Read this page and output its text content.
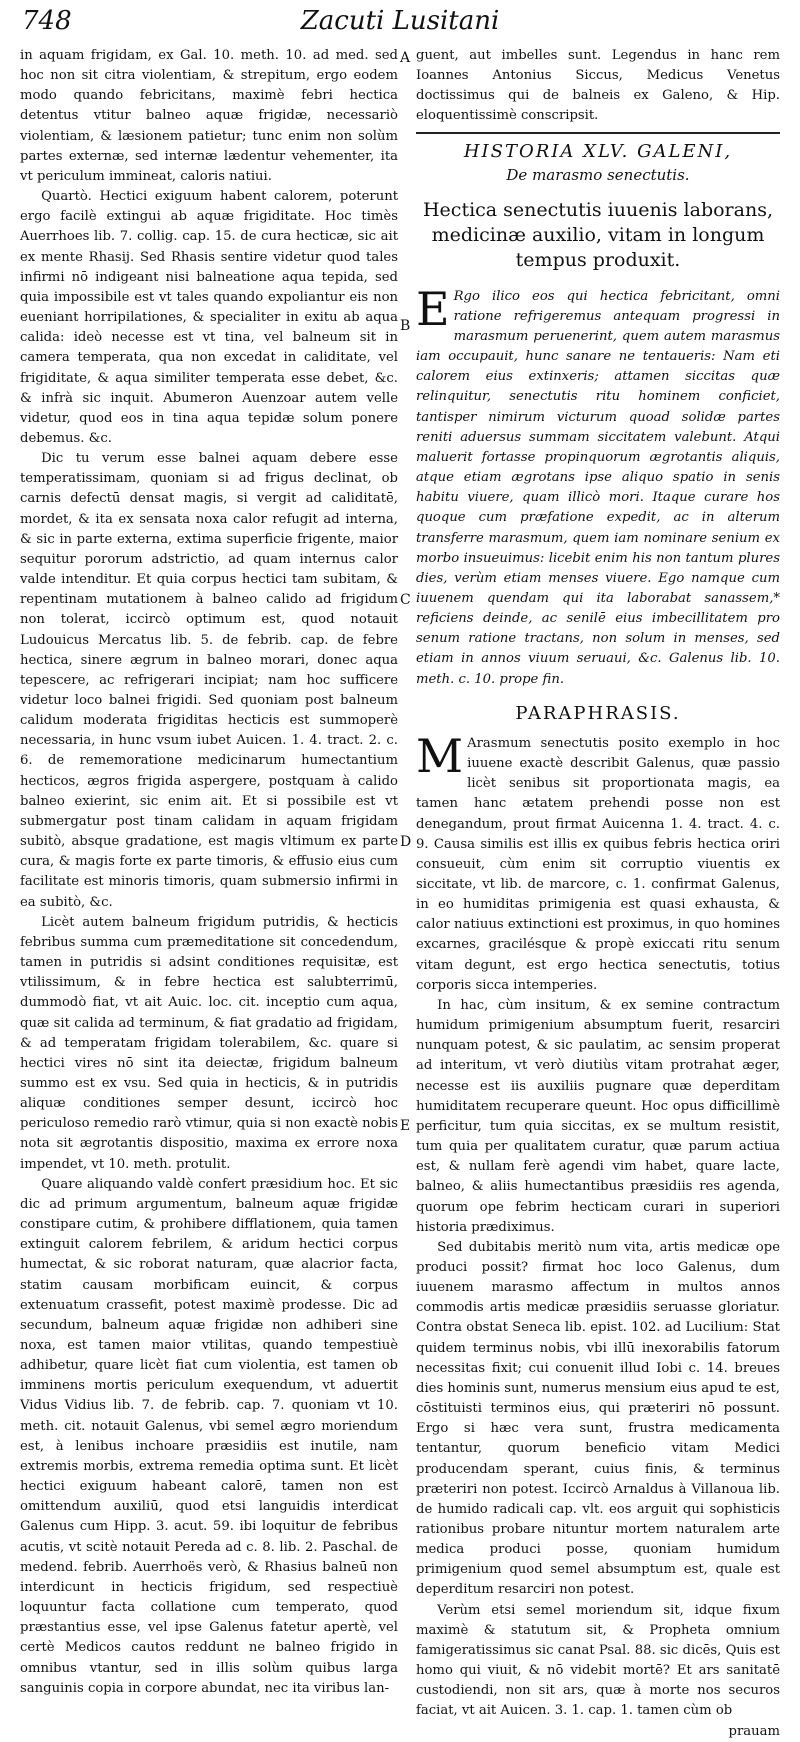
748	Zacuti Lusitani

in aquam frigidam, ex Gal. 10. meth. 10. ad med. sed hoc non sit citra violentiam, & strepitum, ergo eodem modo quando febricitans, maximè febri hectica detentus vtitur balneo aquæ frigidæ, necessariò violentiam, & læsionem patietur; tunc enim non solùm partes externæ, sed internæ lædentur vehementer, ita vt periculum immineat, caloris natiui.

Quartò. Hectici exiguum habent calorem, poterunt ergo facilè extingui ab aquæ frigiditate. Hoc timès Auerrhoes lib. 7. collig. cap. 15. de cura hecticæ, sic ait ex mente Rhasij. Sed Rhasis sentire videtur quod tales infirmi nō indigeant nisi balneatione aqua tepida, sed quia impossibile est vt tales quando expoliantur eis non eueniant horripilationes, & specialiter in exitu ab aqua calida: ideò necesse est vt tina, vel balneum sit in camera temperata, qua non excedat in caliditate, vel frigiditate, & aqua similiter temperata esse debet, &c. & infrà sic inquit. Abumeron Auenzoar autem velle videtur, quod eos in tina aqua tepidæ solum ponere debemus. &c.

Dic tu verum esse balnei aquam debere esse temperatissimam, quoniam si ad frigus declinat, ob carnis defectū densat magis, si vergit ad caliditatē, mordet, & ita ex sensata noxa calor refugit ad interna, & sic in parte externa, extima superficie frigente, maior sequitur pororum adstrictio, ad quam internus calor valde intenditur. Et quia corpus hectici tam subitam, & repentinam mutationem à balneo calido ad frigidum non tolerat, iccircò optimum est, quod notauit Ludouicus Mercatus lib. 5. de febrib. cap. de febre hectica, sinere ægrum in balneo morari, donec aqua tepescere, ac refrigerari incipiat; nam hoc sufficere videtur loco balnei frigidi. Sed quoniam post balneum calidum moderata frigiditas hecticis est summoperè necessaria, in hunc vsum iubet Auicen. 1. 4. tract. 2. c. 6. de rememoratione medicinarum humectantium hecticos, ægros frigida aspergere, postquam à calido balneo exierint, sic enim ait. Et si possibile est vt submergatur post tinam calidam in aquam frigidam subitò, absque gradatione, est magis vltimum ex parte cura, & magis forte ex parte timoris, & effusio eius cum facilitate est minoris timoris, quam submersio infirmi in ea subitò, &c.

Licèt autem balneum frigidum putridis, & hecticis febribus summa cum præmeditatione sit concedendum, tamen in putridis si adsint conditiones requisitæ, est vtilissimum, & in febre hectica est salubterrimū, dummodò fiat, vt ait Auic. loc. cit. inceptio cum aqua, quæ sit calida ad terminum, & fiat gradatio ad frigidam, & ad temperatam frigidam tolerabilem, &c. quare si hectici vires nō sint ita deiectæ, frigidum balneum summo est ex vsu. Sed quia in hecticis, & in putridis aliquæ conditiones semper desunt, iccircò hoc periculoso remedio rarò vtimur, quia si non exactè nobis nota sit ægrotantis dispositio, maxima ex errore noxa impendet, vt 10. meth. protulit.

Quare aliquando valdè confert præsidium hoc. Et sic dic ad primum argumentum, balneum aquæ frigidæ constipare cutim, & prohibere difflationem, quia tamen extinguit calorem febrilem, & aridum hectici corpus humectat, & sic roborat naturam, quæ alacrior facta, statim causam morbificam euincit, & corpus extenuatum crassefit, potest maximè prodesse. Dic ad secundum, balneum aquæ frigidæ non adhiberi sine noxa, est tamen maior vtilitas, quando tempestiuè adhibetur, quare licèt fiat cum violentia, est tamen ob imminens mortis periculum exequendum, vt aduertit Vidus Vidius lib. 7. de febrib. cap. 7. quoniam vt 10. meth. cit. notauit Galenus, vbi semel ægro moriendum est, à lenibus inchoare præsidiis est inutile, nam extremis morbis, extrema remedia optima sunt. Et licèt hectici exiguum habeant calorē, tamen non est omittendum auxiliū, quod etsi languidis interdicat Galenus cum Hipp. 3. acut. 59. ibi loquitur de febribus acutis, vt scitè notauit Pereda ad c. 8. lib. 2. Paschal. de medend. febrib. Auerrhoës verò, & Rhasius balneū non interdicunt in hecticis frigidum, sed respectiuè loquuntur facta collatione cum temperato, quod præstantius esse, vel ipse Galenus fatetur apertè, vel certè Medicos cautos reddunt ne balneo frigido in omnibus vtantur, sed in illis solùm quibus larga sanguinis copia in corpore abundat, nec ita viribus lan-

A
B
C
D
E

guent, aut imbelles sunt. Legendus in hanc rem Ioannes Antonius Siccus, Medicus Venetus doctissimus qui de balneis ex Galeno, & Hip. eloquentissimè conscripsit.

HISTORIA XLV. GALENI,
De marasmo senectutis.
Hectica senectutis iuuenis laborans, medicinæ auxilio, vitam in longum tempus produxit.

E Rgo ilico eos qui hectica febricitant, omni ratione refrigeremus antequam progressi in marasmum peruenerint, quem autem marasmus iam occupauit, hunc sanare ne tentaueris: Nam eti calorem eius extinxeris; attamen siccitas quæ relinquitur, senectutis ritu hominem conficiet, tantisper nimirum victurum quoad solidæ partes reniti aduersus summam siccitatem valebunt. Atqui maluerit fortasse propinquorum ægrotantis aliquis, atque etiam ægrotans ipse aliquo spatio in senis habitu viuere, quam illicò mori. Itaque curare hos quoque cum præfatione expedit, ac in alterum transferre marasmum, quem iam nominare senium ex morbo insueuimus: licebit enim his non tantum plures dies, verùm etiam menses viuere. Ego namque cum iuuenem quendam qui ita laborabat sanassem,* reficiens deinde, ac senilē eius imbecillitatem pro senum ratione tractans, non solum in menses, sed etiam in annos viuum seruaui, &c. Galenus lib. 10. meth. c. 10. prope fin.

PARAPHRASIS.

M Arasmum senectutis posito exemplo in hoc iuuene exactè describit Galenus, quæ passio licèt senibus sit proportionata magis, ea tamen hanc ætatem prehendi posse non est denegandum, prout firmat Auicenna 1. 4. tract. 4. c. 9. Causa similis est illis ex quibus febris hectica oriri consueuit, cùm enim sit corruptio viuentis ex siccitate, vt lib. de marcore, c. 1. confirmat Galenus, in eo humiditas primigenia est quasi exhausta, & calor natiuus extinctioni est proximus, in quo homines excarnes, gracilésque & propè exiccati ritu senum vitam degunt, est ergo hectica senectutis, totius corporis sicca intemperies.

In hac, cùm insitum, & ex semine contractum humidum primigenium absumptum fuerit, resarciri nunquam potest, & sic paulatim, ac sensim properat ad interitum, vt verò diutiùs vitam protrahat æger, necesse est iis auxiliis pugnare quæ deperditam humiditatem recuperare queunt. Hoc opus difficillimè perficitur, tum quia siccitas, ex se multum resistit, tum quia per qualitatem curatur, quæ parum actiua est, & nullam ferè agendi vim habet, quare lacte, balneo, & aliis humectantibus præsidiis res agenda, quorum ope febrim hecticam curari in superiori historia prædiximus.

Sed dubitabis meritò num vita, artis medicæ ope produci possit? firmat hoc loco Galenus, dum iuuenem marasmo affectum in multos annos commodis artis medicæ præsidiis seruasse gloriatur. Contra obstat Seneca lib. epist. 102. ad Lucilium: Stat quidem terminus nobis, vbi illū inexorabilis fatorum necessitas fixit; cui conuenit illud Iobi c. 14. breues dies hominis sunt, numerus mensium eius apud te est, cōstituisti terminos eius, qui præteriri nō possunt. Ergo si hæc vera sunt, frustra medicamenta tentantur, quorum beneficio vitam Medici producendam sperant, cuius finis, & terminus præteriri non potest. Iccircò Arnaldus à Villanoua lib. de humido radicali cap. vlt. eos arguit qui sophisticis rationibus probare nituntur mortem naturalem arte medica produci posse, quoniam humidum primigenium quod semel absumptum est, quale est deperditum resarciri non potest.

Verùm etsi semel moriendum sit, idque fixum maximè & statutum sit, & Propheta omnium famigeratissimus sic canat Psal. 88. sic dicēs, Quis est homo qui viuit, & nō videbit mortē? Et ars sanitatē custodiendi, non sit ars, quæ à morte nos securos faciat, vt ait Auicen. 3. 1. cap. 1. tamen cùm ob

prauam
